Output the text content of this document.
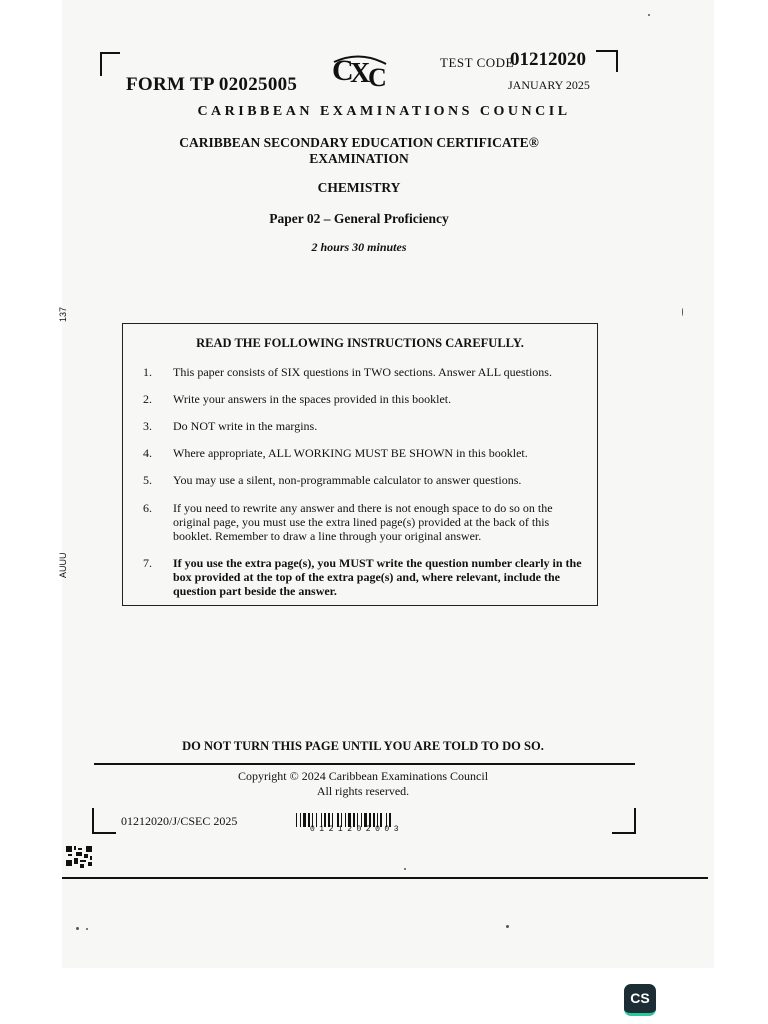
FORM TP 02025005 C
X
C
TEST CODE
01212020
JANUARY 2025
CARIBBEAN EXAMINATIONS COUNCIL
CARIBBEAN SECONDARY EDUCATION CERTIFICATE®
EXAMINATION
CHEMISTRY
Paper 02 – General Proficiency
2 hours 30 minutes
137
AUUU
READ THE FOLLOWING INSTRUCTIONS CAREFULLY.
1. This paper consists of SIX questions in TWO sections. Answer ALL questions.
2. Write your answers in the spaces provided in this booklet.
3. Do NOT write in the margins.
4. Where appropriate, ALL WORKING MUST BE SHOWN in this booklet.
5. You may use a silent, non-programmable calculator to answer questions.
6. If you need to rewrite any answer and there is not enough space to do so on the original page, you must use the extra lined page(s) provided at the back of this booklet. Remember to draw a line through your original answer.
7. If you use the extra page(s), you MUST write the question number clearly in the box provided at the top of the extra page(s) and, where relevant, include the question part beside the answer.
DO NOT TURN THIS PAGE UNTIL YOU ARE TOLD TO DO SO.
Copyright © 2024 Caribbean Examinations Council
All rights reserved.
01212020/J/CSEC 2025
0121202003
CS
